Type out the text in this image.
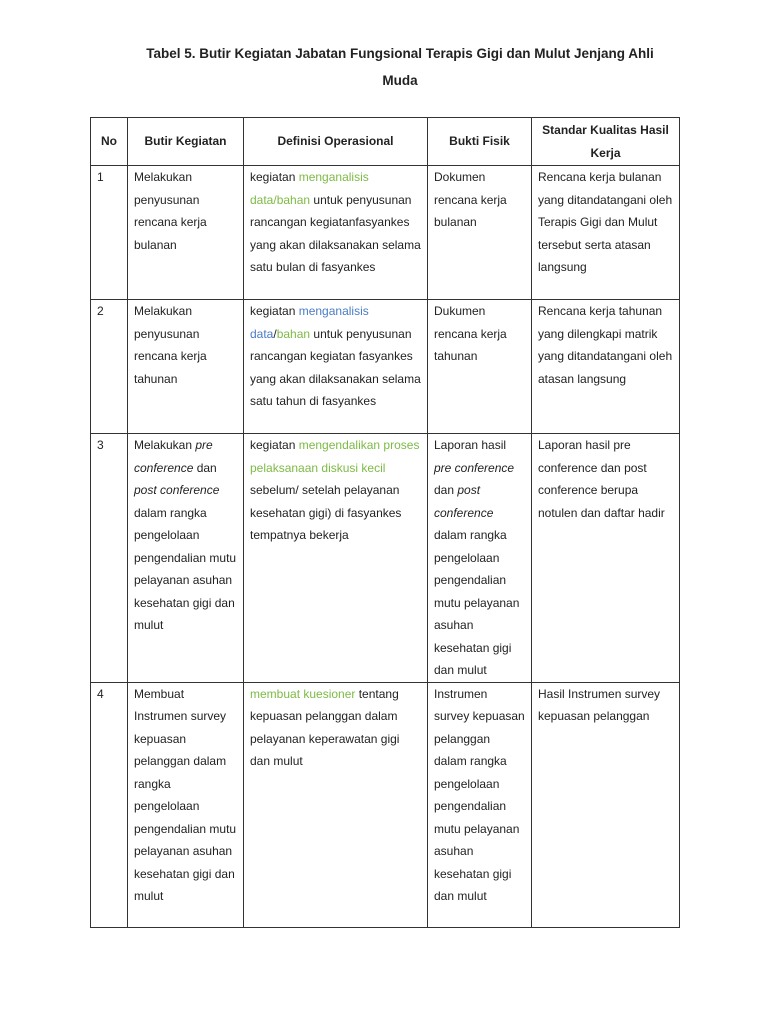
Tabel 5. Butir Kegiatan Jabatan Fungsional Terapis Gigi dan Mulut Jenjang Ahli
Muda
No	Butir Kegiatan	Definisi Operasional	Bukti Fisik	Standar Kualitas Hasil Kerja
1	Melakukan penyusunan rencana kerja bulanan	kegiatan menganalisis data/bahan untuk penyusunan rancangan kegiatanfasyankes yang akan dilaksanakan selama satu bulan di fasyankes	Dokumen rencana kerja bulanan	Rencana kerja bulanan yang ditandatangani oleh Terapis Gigi dan Mulut tersebut serta atasan langsung
2	Melakukan penyusunan rencana kerja tahunan	kegiatan menganalisis data/bahan untuk penyusunan rancangan kegiatan fasyankes yang akan dilaksanakan selama satu tahun di fasyankes	Dukumen rencana kerja tahunan	Rencana kerja tahunan yang dilengkapi matrik yang ditandatangani oleh atasan langsung
3	Melakukan pre conference dan post conference dalam rangka pengelolaan pengendalian mutu pelayanan asuhan kesehatan gigi dan mulut	kegiatan mengendalikan proses pelaksanaan diskusi kecil sebelum/ setelah pelayanan kesehatan gigi) di fasyankes tempatnya bekerja	Laporan hasil pre conference dan post conference dalam rangka pengelolaan pengendalian mutu pelayanan asuhan kesehatan gigi dan mulut	Laporan hasil pre conference dan post conference berupa notulen dan daftar hadir
4	Membuat Instrumen survey kepuasan pelanggan dalam rangka pengelolaan pengendalian mutu pelayanan asuhan kesehatan gigi dan mulut	membuat kuesioner tentang kepuasan pelanggan dalam pelayanan keperawatan gigi dan mulut	Instrumen survey kepuasan pelanggan dalam rangka pengelolaan pengendalian mutu pelayanan asuhan kesehatan gigi dan mulut	Hasil Instrumen survey kepuasan pelanggan
